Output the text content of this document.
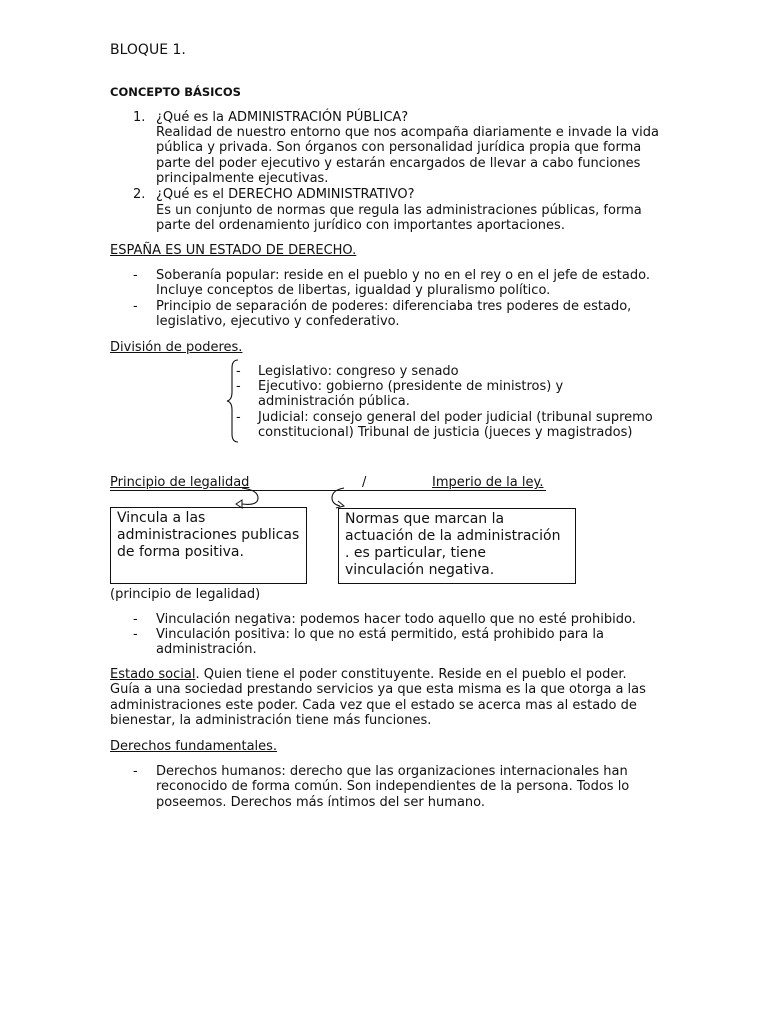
BLOQUE 1.
CONCEPTO BÁSICOS
1. ¿Qué es la ADMINISTRACIÓN PÚBLICA?
Realidad de nuestro entorno que nos acompaña diariamente e invade la vida pública y privada. Son órganos con personalidad jurídica propia que forma parte del poder ejecutivo y estarán encargados de llevar a cabo funciones principalmente ejecutivas.
2. ¿Qué es el DERECHO ADMINISTRATIVO?
Es un conjunto de normas que regula las administraciones públicas, forma parte del ordenamiento jurídico con importantes aportaciones.
ESPAÑA ES UN ESTADO DE DERECHO.
- Soberanía popular: reside en el pueblo y no en el rey o en el jefe de estado. Incluye conceptos de libertas, igualdad y pluralismo político.
- Principio de separación de poderes: diferenciaba tres poderes de estado, legislativo, ejecutivo y confederativo.
División de poderes.
- Legislativo: congreso y senado
- Ejecutivo: gobierno (presidente de ministros) y administración pública.
- Judicial: consejo general del poder judicial (tribunal supremo constitucional) Tribunal de justicia (jueces y magistrados)
Principio de legalidad	/	Imperio de la ley.
Vincula a las administraciones publicas de forma positiva.
Normas que marcan la actuación de la administración . es particular, tiene vinculación negativa.
(principio de legalidad)
- Vinculación negativa: podemos hacer todo aquello que no esté prohibido.
- Vinculación positiva: lo que no está permitido, está prohibido para la administración.
Estado social. Quien tiene el poder constituyente. Reside en el pueblo el poder. Guía a una sociedad prestando servicios ya que esta misma es la que otorga a las administraciones este poder. Cada vez que el estado se acerca mas al estado de bienestar, la administración tiene más funciones.
Derechos fundamentales.
- Derechos humanos: derecho que las organizaciones internacionales han reconocido de forma común. Son independientes de la persona. Todos lo poseemos. Derechos más íntimos del ser humano.
